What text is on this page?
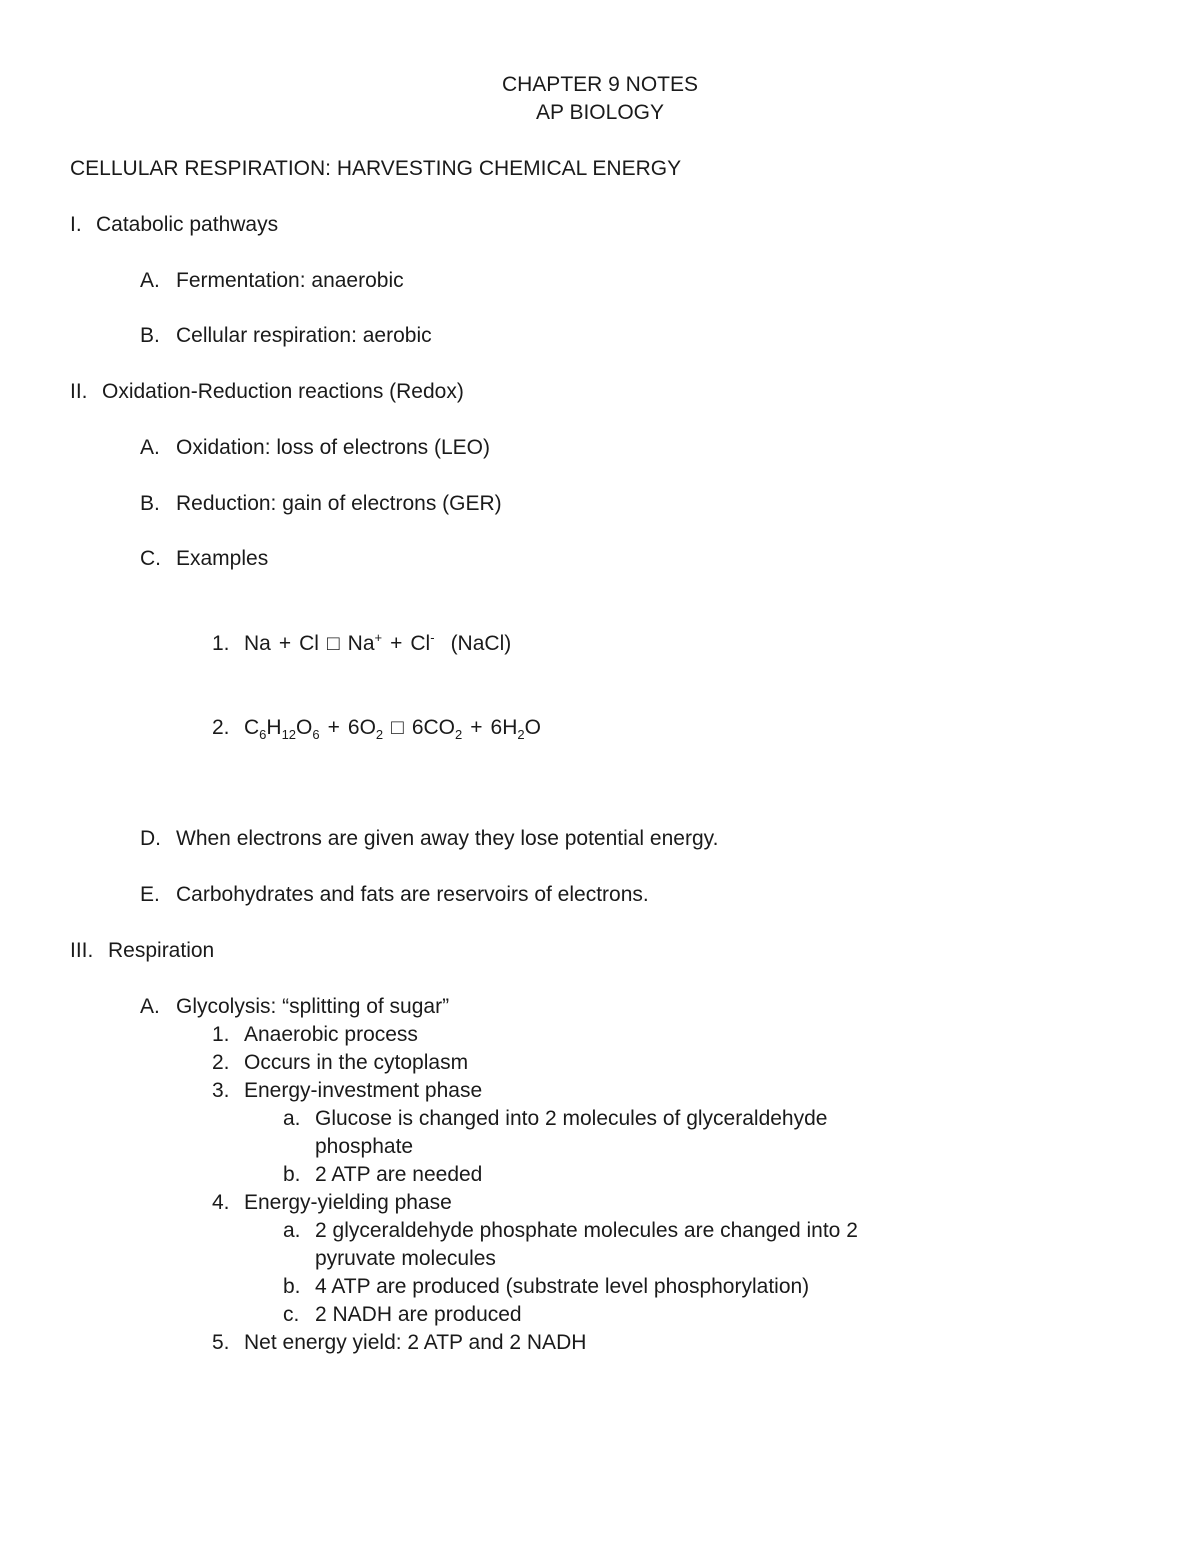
CHAPTER 9 NOTES
AP BIOLOGY
CELLULAR RESPIRATION: HARVESTING CHEMICAL ENERGY
I. Catabolic pathways
A. Fermentation: anaerobic
B. Cellular respiration: aerobic
II. Oxidation-Reduction reactions (Redox)
A. Oxidation: loss of electrons (LEO)
B. Reduction: gain of electrons (GER)
C. Examples
1. Na + Cl □ Na+ + Cl- (NaCl)
2. $C_6H_{12}O_6 + 6O_2$ □ $6CO_2 + 6H_2O$
D. When electrons are given away they lose potential energy.
E. Carbohydrates and fats are reservoirs of electrons.
III. Respiration
A. Glycolysis: “splitting of sugar”
1. Anaerobic process
2. Occurs in the cytoplasm
3. Energy-investment phase
a. Glucose is changed into 2 molecules of glyceraldehyde
phosphate
b. 2 ATP are needed
4. Energy-yielding phase
a. 2 glyceraldehyde phosphate molecules are changed into 2
pyruvate molecules
b. 4 ATP are produced (substrate level phosphorylation)
c. 2 NADH are produced
5. Net energy yield: 2 ATP and 2 NADH
